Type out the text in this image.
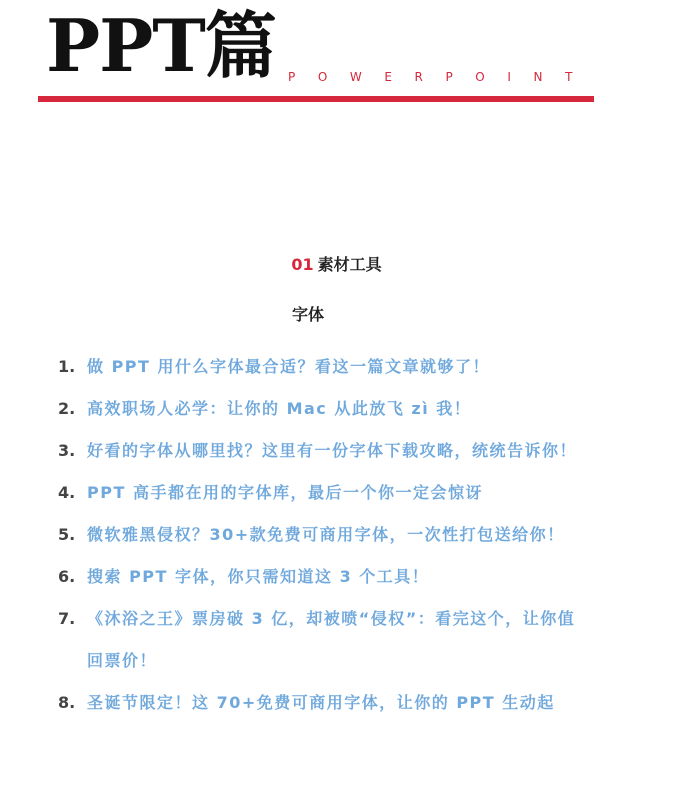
PPT篇 POWERPOINT
01 素材工具
字体
1. 做 PPT 用什么字体最合适？看这一篇文章就够了！
2. 高效职场人必学：让你的 Mac 从此放飞 zì 我！
3. 好看的字体从哪里找？这里有一份字体下载攻略，统统告诉你！
4. PPT 高手都在用的字体库，最后一个你一定会惊讶
5. 微软雅黑侵权？30+款免费可商用字体，一次性打包送给你！
6. 搜索 PPT 字体，你只需知道这 3 个工具！
7. 《沐浴之王》票房破 3 亿，却被喷“侵权”：看完这个，让你值回票价！
8. 圣诞节限定！这 70+免费可商用字体，让你的 PPT 生动起
